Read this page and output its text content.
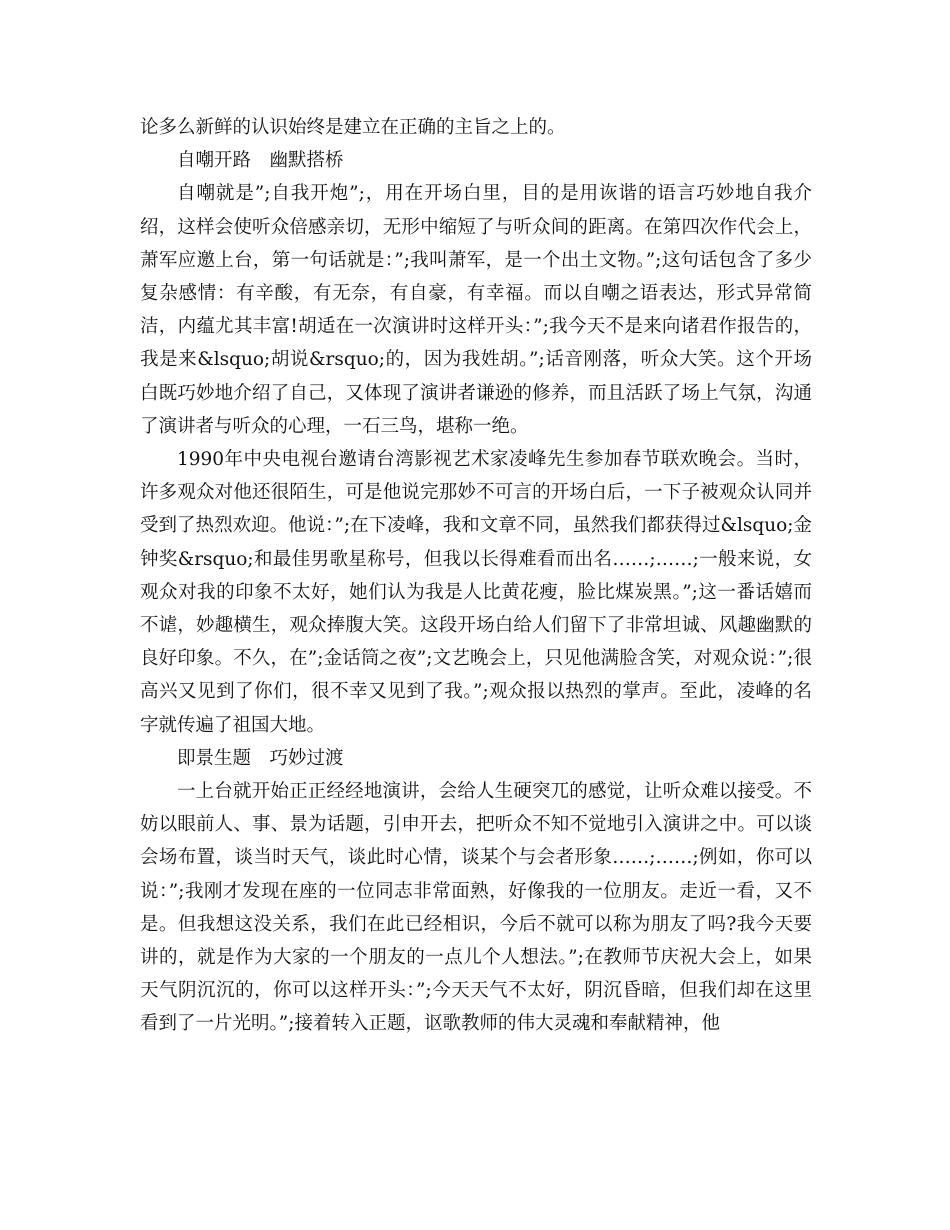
论多么新鲜的认识始终是建立在正确的主旨之上的。

自嘲开路　幽默搭桥

自嘲就是”;自我开炮”;，用在开场白里，目的是用诙谐的语言巧妙地自我介绍，这样会使听众倍感亲切，无形中缩短了与听众间的距离。在第四次作代会上，萧军应邀上台，第一句话就是：”;我叫萧军，是一个出土文物。”;这句话包含了多少复杂感情：有辛酸，有无奈，有自豪，有幸福。而以自嘲之语表达，形式异常简洁，内蕴尤其丰富!胡适在一次演讲时这样开头：”;我今天不是来向诸君作报告的，我是来&lsquo;胡说&rsquo;的，因为我姓胡。”;话音刚落，听众大笑。这个开场白既巧妙地介绍了自己，又体现了演讲者谦逊的修养，而且活跃了场上气氛，沟通了演讲者与听众的心理，一石三鸟，堪称一绝。

1990年中央电视台邀请台湾影视艺术家凌峰先生参加春节联欢晚会。当时，许多观众对他还很陌生，可是他说完那妙不可言的开场白后，一下子被观众认同并受到了热烈欢迎。他说：”;在下凌峰，我和文章不同，虽然我们都获得过&lsquo;金钟奖&rsquo;和最佳男歌星称号，但我以长得难看而出名……;……;一般来说，女观众对我的印象不太好，她们认为我是人比黄花瘦，脸比煤炭黑。”;这一番话嬉而不谑，妙趣横生，观众捧腹大笑。这段开场白给人们留下了非常坦诚、风趣幽默的良好印象。不久，在”;金话筒之夜”;文艺晚会上，只见他满脸含笑，对观众说：”;很高兴又见到了你们，很不幸又见到了我。”;观众报以热烈的掌声。至此，凌峰的名字就传遍了祖国大地。

即景生题　巧妙过渡

一上台就开始正正经经地演讲，会给人生硬突兀的感觉，让听众难以接受。不妨以眼前人、事、景为话题，引申开去，把听众不知不觉地引入演讲之中。可以谈会场布置，谈当时天气，谈此时心情，谈某个与会者形象……;……;例如，你可以说：”;我刚才发现在座的一位同志非常面熟，好像我的一位朋友。走近一看，又不是。但我想这没关系，我们在此已经相识，今后不就可以称为朋友了吗?我今天要讲的，就是作为大家的一个朋友的一点儿个人想法。”;在教师节庆祝大会上，如果天气阴沉沉的，你可以这样开头：”;今天天气不太好，阴沉昏暗，但我们却在这里看到了一片光明。”;接着转入正题，讴歌教师的伟大灵魂和奉献精神，他
